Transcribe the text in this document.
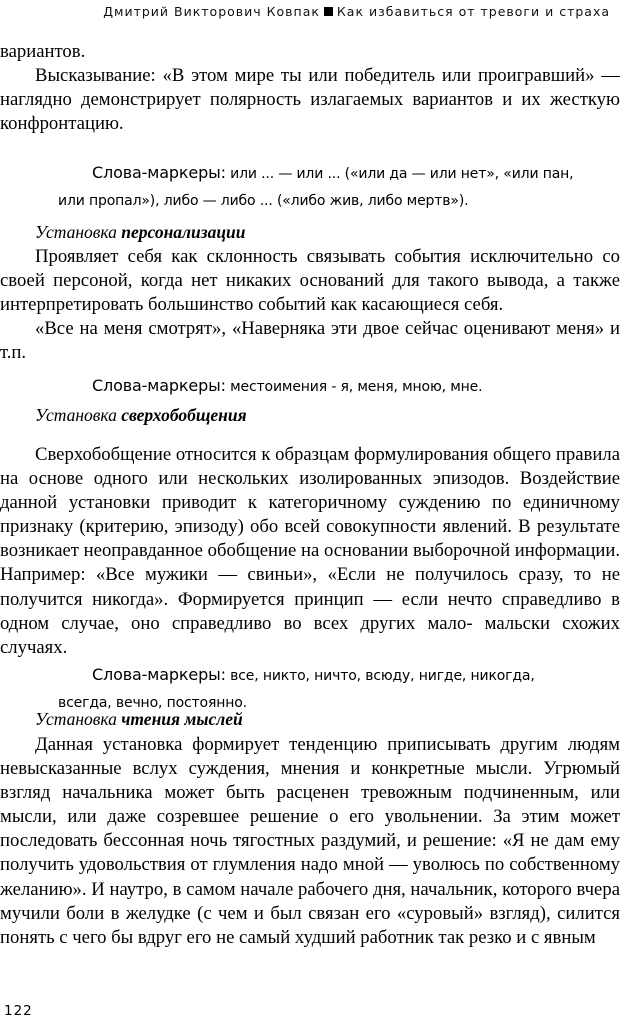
Дмитрий Викторович Ковпак Как избавиться от тревоги и страха

вариантов.

Высказывание: «В этом мире ты или победитель или проигравший» — наглядно демонстрирует полярность излагаемых вариантов и их жесткую конфронтацию.

Слова-маркеры: или ... — или ... («или да — или нет», «или пан, или пропал»), либо — либо ... («либо жив, либо мертв»).

Установка персонализации

Проявляет себя как склонность связывать события исключительно со своей персоной, когда нет никаких оснований для такого вывода, а также интерпретировать большинство событий как касающиеся себя.

«Все на меня смотрят», «Наверняка эти двое сейчас оценивают меня» и т.п.

Слова-маркеры: местоимения - я, меня, мною, мне.

Установка сверхобобщения

Сверхобобщение относится к образцам формулирования общего правила на основе одного или нескольких изолированных эпизодов. Воздействие данной установки приводит к категоричному суждению по единичному признаку (критерию, эпизоду) обо всей совокупности явлений. В результате возникает неоправданное обобщение на основании выборочной информации. Например: «Все мужики — свиньи», «Если не получилось сразу, то не получится никогда». Формируется принцип — если нечто справедливо в одном случае, оно справедливо во всех других мало- мальски схожих случаях.

Слова-маркеры: все, никто, ничто, всюду, нигде, никогда, всегда, вечно, постоянно.

Установка чтения мыслей

Данная установка формирует тенденцию приписывать другим людям невысказанные вслух суждения, мнения и конкретные мысли. Угрюмый взгляд начальника может быть расценен тревожным подчиненным, или мысли, или даже созревшее решение о его увольнении. За этим может последовать бессонная ночь тягостных раздумий, и решение: «Я не дам ему получить удовольствия от глумления надо мной — уволюсь по собственному желанию». И наутро, в самом начале рабочего дня, начальник, которого вчера мучили боли в желудке (с чем и был связан его «суровый» взгляд), силится понять с чего бы вдруг его не самый худший работник так резко и с явным

122
